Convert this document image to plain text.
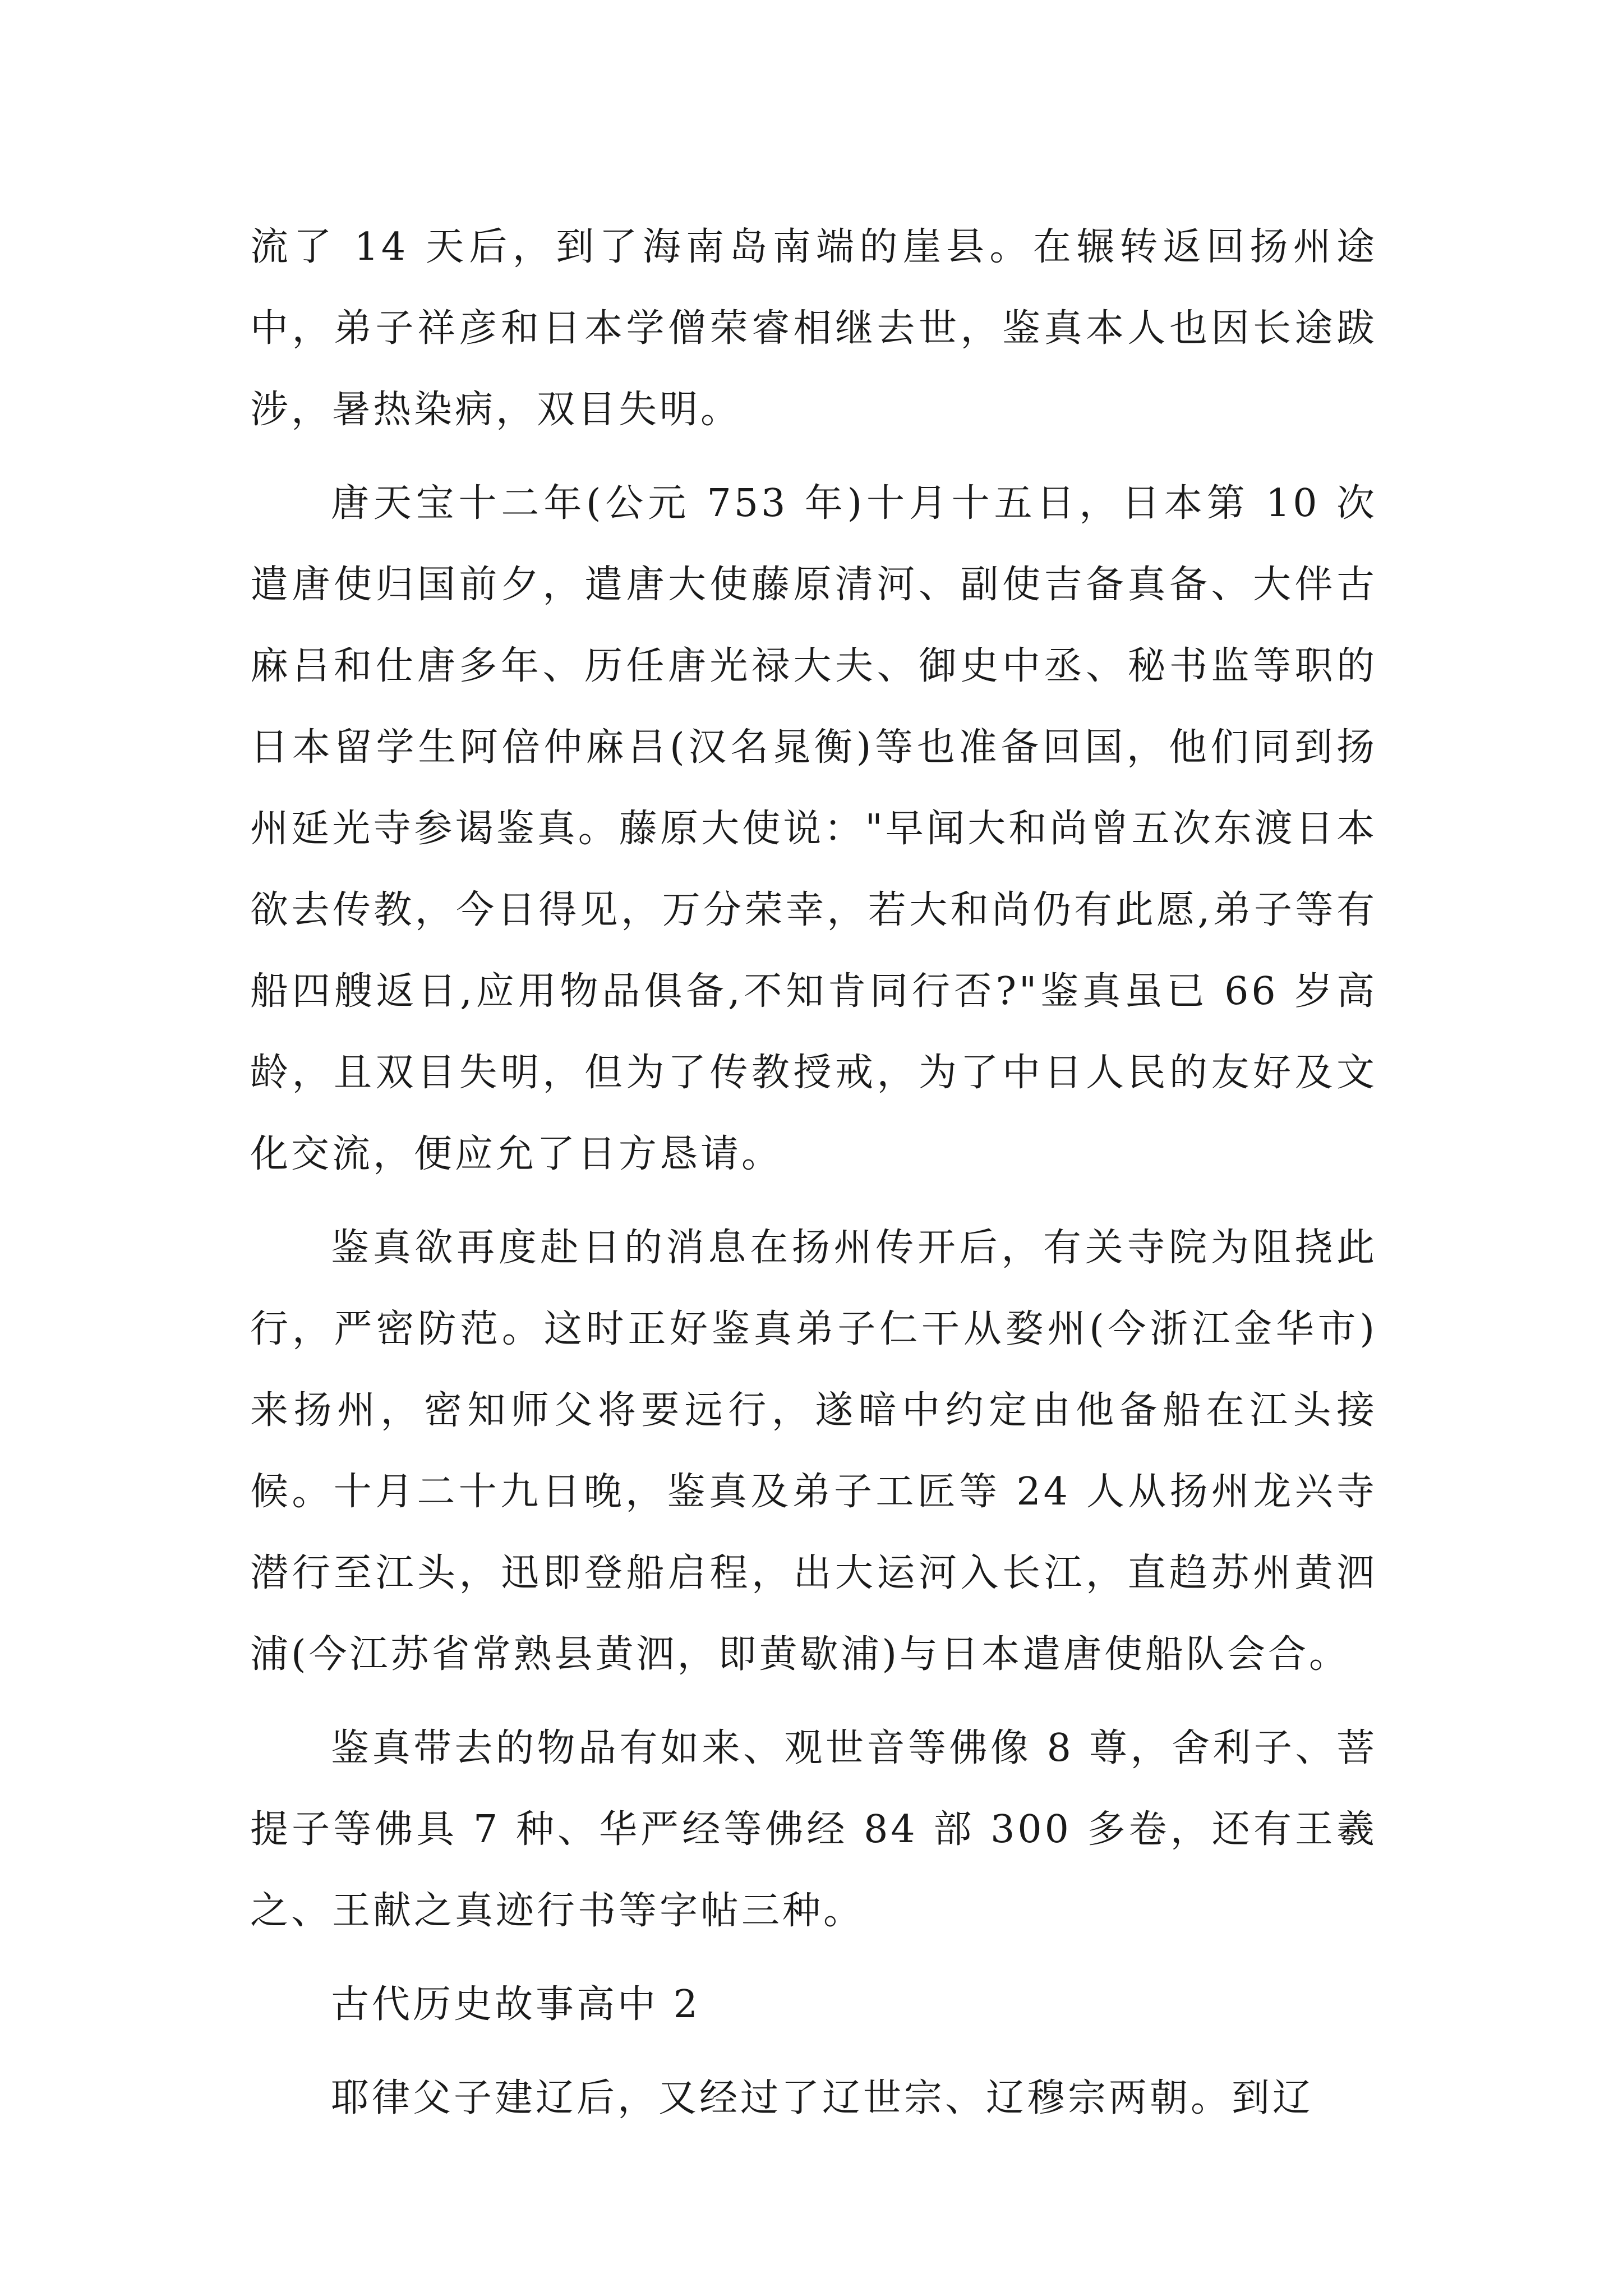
流了 14 天后，到了海南岛南端的崖县。在辗转返回扬州途中，弟子祥彦和日本学僧荣睿相继去世，鉴真本人也因长途跋涉，暑热染病，双目失明。

唐天宝十二年(公元 753 年)十月十五日，日本第 10 次遣唐使归国前夕，遣唐大使藤原清河、副使吉备真备、大伴古麻吕和仕唐多年、历任唐光禄大夫、御史中丞、秘书监等职的日本留学生阿倍仲麻吕(汉名晁衡)等也准备回国，他们同到扬州延光寺参谒鉴真。藤原大使说："早闻大和尚曾五次东渡日本欲去传教，今日得见，万分荣幸，若大和尚仍有此愿,弟子等有船四艘返日,应用物品俱备,不知肯同行否?"鉴真虽已 66 岁高龄，且双目失明，但为了传教授戒，为了中日人民的友好及文化交流，便应允了日方恳请。

鉴真欲再度赴日的消息在扬州传开后，有关寺院为阻挠此行，严密防范。这时正好鉴真弟子仁干从婺州(今浙江金华市)来扬州，密知师父将要远行，遂暗中约定由他备船在江头接候。十月二十九日晚，鉴真及弟子工匠等 24 人从扬州龙兴寺潜行至江头，迅即登船启程，出大运河入长江，直趋苏州黄泗浦(今江苏省常熟县黄泗，即黄歇浦)与日本遣唐使船队会合。

鉴真带去的物品有如来、观世音等佛像 8 尊，舍利子、菩提子等佛具 7 种、华严经等佛经 84 部 300 多卷，还有王羲之、王献之真迹行书等字帖三种。

古代历史故事高中 2

耶律父子建辽后，又经过了辽世宗、辽穆宗两朝。到辽
